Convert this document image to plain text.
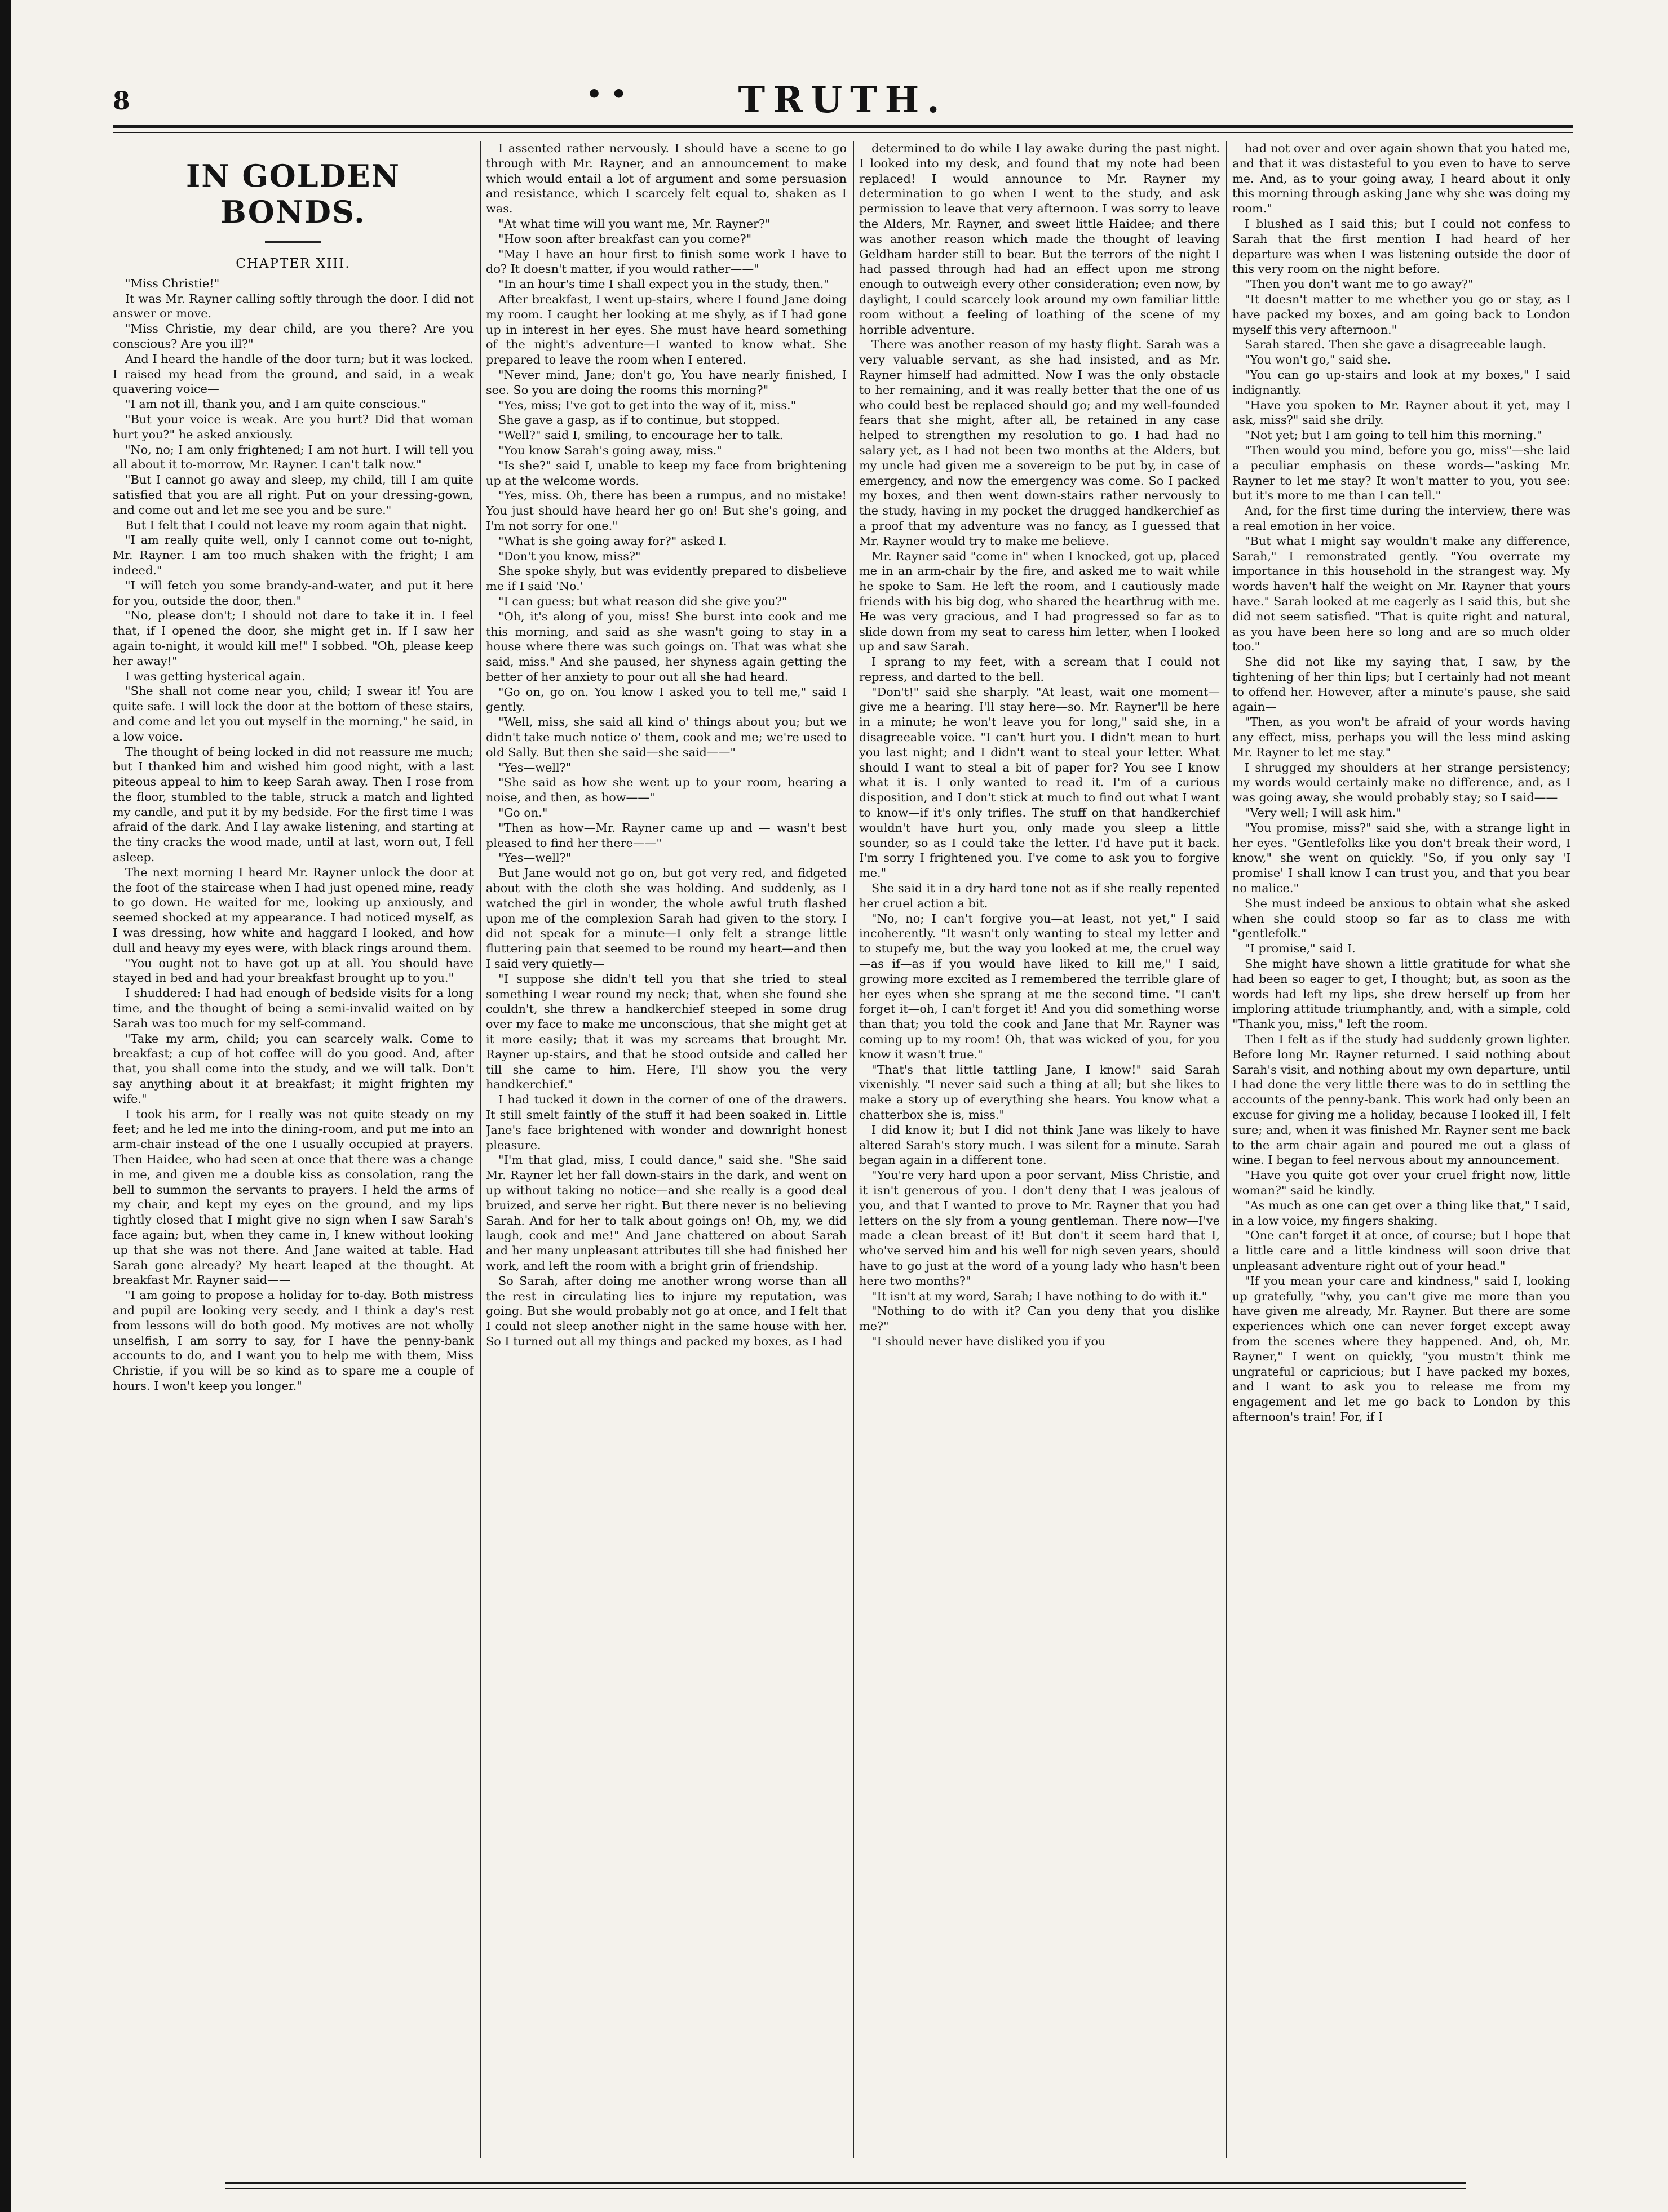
8	• •	TRUTH.
IN GOLDEN BONDS.
CHAPTER XIII.

"Miss Christie!"

It was Mr. Rayner calling softly through the door. I did not answer or move.

"Miss Christie, my dear child, are you there? Are you conscious? Are you ill?"

And I heard the handle of the door turn; but it was locked. I raised my head from the ground, and said, in a weak quavering voice—

"I am not ill, thank you, and I am quite conscious."

"But your voice is weak. Are you hurt? Did that woman hurt you?" he asked anxiously.

"No, no; I am only frightened; I am not hurt. I will tell you all about it to-morrow, Mr. Rayner. I can't talk now."

"But I cannot go away and sleep, my child, till I am quite satisfied that you are all right. Put on your dressing-gown, and come out and let me see you and be sure."

But I felt that I could not leave my room again that night.

"I am really quite well, only I cannot come out to-night, Mr. Rayner. I am too much shaken with the fright; I am indeed."

"I will fetch you some brandy-and-water, and put it here for you, outside the door, then."

"No, please don't; I should not dare to take it in. I feel that, if I opened the door, she might get in. If I saw her again to-night, it would kill me!" I sobbed. "Oh, please keep her away!"

I was getting hysterical again.

"She shall not come near you, child; I swear it! You are quite safe. I will lock the door at the bottom of these stairs, and come and let you out myself in the morning," he said, in a low voice.

The thought of being locked in did not reassure me much; but I thanked him and wished him good night, with a last piteous appeal to him to keep Sarah away. Then I rose from the floor, stumbled to the table, struck a match and lighted my candle, and put it by my bedside. For the first time I was afraid of the dark. And I lay awake listening, and starting at the tiny cracks the wood made, until at last, worn out, I fell asleep.

The next morning I heard Mr. Rayner unlock the door at the foot of the staircase when I had just opened mine, ready to go down. He waited for me, looking up anxiously, and seemed shocked at my appearance. I had noticed myself, as I was dressing, how white and haggard I looked, and how dull and heavy my eyes were, with black rings around them.

"You ought not to have got up at all. You should have stayed in bed and had your breakfast brought up to you."

I shuddered: I had had enough of bedside visits for a long time, and the thought of being a semi-invalid waited on by Sarah was too much for my self-command.

"Take my arm, child; you can scarcely walk. Come to breakfast; a cup of hot coffee will do you good. And, after that, you shall come into the study, and we will talk. Don't say anything about it at breakfast; it might frighten my wife."

I took his arm, for I really was not quite steady on my feet; and he led me into the dining-room, and put me into an arm-chair instead of the one I usually occupied at prayers. Then Haidee, who had seen at once that there was a change in me, and given me a double kiss as consolation, rang the bell to summon the servants to prayers. I held the arms of my chair, and kept my eyes on the ground, and my lips tightly closed that I might give no sign when I saw Sarah's face again; but, when they came in, I knew without looking up that she was not there. And Jane waited at table. Had Sarah gone already? My heart leaped at the thought. At breakfast Mr. Rayner said——

"I am going to propose a holiday for to-day. Both mistress and pupil are looking very seedy, and I think a day's rest from lessons will do both good. My motives are not wholly unselfish, I am sorry to say, for I have the penny-bank accounts to do, and I want you to help me with them, Miss Christie, if you will be so kind as to spare me a couple of hours. I won't keep you longer."

I assented rather nervously. I should have a scene to go through with Mr. Rayner, and an announcement to make which would entail a lot of argument and some persuasion and resistance, which I scarcely felt equal to, shaken as I was.

"At what time will you want me, Mr. Rayner?"

"How soon after breakfast can you come?"

"May I have an hour first to finish some work I have to do? It doesn't matter, if you would rather——"

"In an hour's time I shall expect you in the study, then."

After breakfast, I went up-stairs, where I found Jane doing my room. I caught her looking at me shyly, as if I had gone up in interest in her eyes. She must have heard something of the night's adventure—I wanted to know what. She prepared to leave the room when I entered.

"Never mind, Jane; don't go, You have nearly finished, I see. So you are doing the rooms this morning?"

"Yes, miss; I've got to get into the way of it, miss."

She gave a gasp, as if to continue, but stopped.

"Well?" said I, smiling, to encourage her to talk.

"You know Sarah's going away, miss."

"Is she?" said I, unable to keep my face from brightening up at the welcome words.

"Yes, miss. Oh, there has been a rumpus, and no mistake! You just should have heard her go on! But she's going, and I'm not sorry for one."

"What is she going away for?" asked I.

"Don't you know, miss?"

She spoke shyly, but was evidently prepared to disbelieve me if I said 'No.'

"I can guess; but what reason did she give you?"

"Oh, it's along of you, miss! She burst into cook and me this morning, and said as she wasn't going to stay in a house where there was such goings on. That was what she said, miss." And she paused, her shyness again getting the better of her anxiety to pour out all she had heard.

"Go on, go on. You know I asked you to tell me," said I gently.

"Well, miss, she said all kind o' things about you; but we didn't take much notice o' them, cook and me; we're used to old Sally. But then she said—she said——"

"Yes—well?"

"She said as how she went up to your room, hearing a noise, and then, as how——"

"Go on."

"Then as how—Mr. Rayner came up and — wasn't best pleased to find her there——"

"Yes—well?"

But Jane would not go on, but got very red, and fidgeted about with the cloth she was holding. And suddenly, as I watched the girl in wonder, the whole awful truth flashed upon me of the complexion Sarah had given to the story. I did not speak for a minute—I only felt a strange little fluttering pain that seemed to be round my heart—and then I said very quietly—

"I suppose she didn't tell you that she tried to steal something I wear round my neck; that, when she found she couldn't, she threw a handkerchief steeped in some drug over my face to make me unconscious, that she might get at it more easily; that it was my screams that brought Mr. Rayner up-stairs, and that he stood outside and called her till she came to him. Here, I'll show you the very handkerchief."

I had tucked it down in the corner of one of the drawers. It still smelt faintly of the stuff it had been soaked in. Little Jane's face brightened with wonder and downright honest pleasure.

"I'm that glad, miss, I could dance," said she. "She said Mr. Rayner let her fall down-stairs in the dark, and went on up without taking no notice—and she really is a good deal bruized, and serve her right. But there never is no believing Sarah. And for her to talk about goings on! Oh, my, we did laugh, cook and me!" And Jane chattered on about Sarah and her many unpleasant attributes till she had finished her work, and left the room with a bright grin of friendship.

So Sarah, after doing me another wrong worse than all the rest in circulating lies to injure my reputation, was going. But she would probably not go at once, and I felt that I could not sleep another night in the same house with her. So I turned out all my things and packed my boxes, as I had

determined to do while I lay awake during the past night. I looked into my desk, and found that my note had been replaced! I would announce to Mr. Rayner my determination to go when I went to the study, and ask permission to leave that very afternoon. I was sorry to leave the Alders, Mr. Rayner, and sweet little Haidee; and there was another reason which made the thought of leaving Geldham harder still to bear. But the terrors of the night I had passed through had had an effect upon me strong enough to outweigh every other consideration; even now, by daylight, I could scarcely look around my own familiar little room without a feeling of loathing of the scene of my horrible adventure.

There was another reason of my hasty flight. Sarah was a very valuable servant, as she had insisted, and as Mr. Rayner himself had admitted. Now I was the only obstacle to her remaining, and it was really better that the one of us who could best be replaced should go; and my well-founded fears that she might, after all, be retained in any case helped to strengthen my resolution to go. I had had no salary yet, as I had not been two months at the Alders, but my uncle had given me a sovereign to be put by, in case of emergency, and now the emergency was come. So I packed my boxes, and then went down-stairs rather nervously to the study, having in my pocket the drugged handkerchief as a proof that my adventure was no fancy, as I guessed that Mr. Rayner would try to make me believe.

Mr. Rayner said "come in" when I knocked, got up, placed me in an arm-chair by the fire, and asked me to wait while he spoke to Sam. He left the room, and I cautiously made friends with his big dog, who shared the hearthrug with me. He was very gracious, and I had progressed so far as to slide down from my seat to caress him letter, when I looked up and saw Sarah.

I sprang to my feet, with a scream that I could not repress, and darted to the bell.

"Don't!" said she sharply. "At least, wait one moment—give me a hearing. I'll stay here—so. Mr. Rayner'll be here in a minute; he won't leave you for long," said she, in a disagreeable voice. "I can't hurt you. I didn't mean to hurt you last night; and I didn't want to steal your letter. What should I want to steal a bit of paper for? You see I know what it is. I only wanted to read it. I'm of a curious disposition, and I don't stick at much to find out what I want to know—if it's only trifles. The stuff on that handkerchief wouldn't have hurt you, only made you sleep a little sounder, so as I could take the letter. I'd have put it back. I'm sorry I frightened you. I've come to ask you to forgive me."

She said it in a dry hard tone not as if she really repented her cruel action a bit.

"No, no; I can't forgive you—at least, not yet," I said incoherently. "It wasn't only wanting to steal my letter and to stupefy me, but the way you looked at me, the cruel way—as if—as if you would have liked to kill me," I said, growing more excited as I remembered the terrible glare of her eyes when she sprang at me the second time. "I can't forget it—oh, I can't forget it! And you did something worse than that; you told the cook and Jane that Mr. Rayner was coming up to my room! Oh, that was wicked of you, for you know it wasn't true."

"That's that little tattling Jane, I know!" said Sarah vixenishly. "I never said such a thing at all; but she likes to make a story up of everything she hears. You know what a chatterbox she is, miss."

I did know it; but I did not think Jane was likely to have altered Sarah's story much. I was silent for a minute. Sarah began again in a different tone.

"You're very hard upon a poor servant, Miss Christie, and it isn't generous of you. I don't deny that I was jealous of you, and that I wanted to prove to Mr. Rayner that you had letters on the sly from a young gentleman. There now—I've made a clean breast of it! But don't it seem hard that I, who've served him and his well for nigh seven years, should have to go just at the word of a young lady who hasn't been here two months?"

"It isn't at my word, Sarah; I have nothing to do with it."

"Nothing to do with it? Can you deny that you dislike me?"

"I should never have disliked you if you

had not over and over again shown that you hated me, and that it was distasteful to you even to have to serve me. And, as to your going away, I heard about it only this morning through asking Jane why she was doing my room."

I blushed as I said this; but I could not confess to Sarah that the first mention I had heard of her departure was when I was listening outside the door of this very room on the night before.

"Then you don't want me to go away?"

"It doesn't matter to me whether you go or stay, as I have packed my boxes, and am going back to London myself this very afternoon."

Sarah stared. Then she gave a disagreeable laugh.

"You won't go," said she.

"You can go up-stairs and look at my boxes," I said indignantly.

"Have you spoken to Mr. Rayner about it yet, may I ask, miss?" said she drily.

"Not yet; but I am going to tell him this morning."

"Then would you mind, before you go, miss"—she laid a peculiar emphasis on these words—"asking Mr. Rayner to let me stay? It won't matter to you, you see: but it's more to me than I can tell."

And, for the first time during the interview, there was a real emotion in her voice.

"But what I might say wouldn't make any difference, Sarah," I remonstrated gently. "You overrate my importance in this household in the strangest way. My words haven't half the weight on Mr. Rayner that yours have." Sarah looked at me eagerly as I said this, but she did not seem satisfied. "That is quite right and natural, as you have been here so long and are so much older too."

She did not like my saying that, I saw, by the tightening of her thin lips; but I certainly had not meant to offend her. However, after a minute's pause, she said again—

"Then, as you won't be afraid of your words having any effect, miss, perhaps you will the less mind asking Mr. Rayner to let me stay."

I shrugged my shoulders at her strange persistency; my words would certainly make no difference, and, as I was going away, she would probably stay; so I said——

"Very well; I will ask him."

"You promise, miss?" said she, with a strange light in her eyes. "Gentlefolks like you don't break their word, I know," she went on quickly. "So, if you only say 'I promise' I shall know I can trust you, and that you bear no malice."

She must indeed be anxious to obtain what she asked when she could stoop so far as to class me with "gentlefolk."

"I promise," said I.

She might have shown a little gratitude for what she had been so eager to get, I thought; but, as soon as the words had left my lips, she drew herself up from her imploring attitude triumphantly, and, with a simple, cold "Thank you, miss," left the room.

Then I felt as if the study had suddenly grown lighter. Before long Mr. Rayner returned. I said nothing about Sarah's visit, and nothing about my own departure, until I had done the very little there was to do in settling the accounts of the penny-bank. This work had only been an excuse for giving me a holiday, because I looked ill, I felt sure; and, when it was finished Mr. Rayner sent me back to the arm chair again and poured me out a glass of wine. I began to feel nervous about my announcement.

"Have you quite got over your cruel fright now, little woman?" said he kindly.

"As much as one can get over a thing like that," I said, in a low voice, my fingers shaking.

"One can't forget it at once, of course; but I hope that a little care and a little kindness will soon drive that unpleasant adventure right out of your head."

"If you mean your care and kindness," said I, looking up gratefully, "why, you can't give me more than you have given me already, Mr. Rayner. But there are some experiences which one can never forget except away from the scenes where they happened. And, oh, Mr. Rayner," I went on quickly, "you mustn't think me ungrateful or capricious; but I have packed my boxes, and I want to ask you to release me from my engagement and let me go back to London by this afternoon's train! For, if I
